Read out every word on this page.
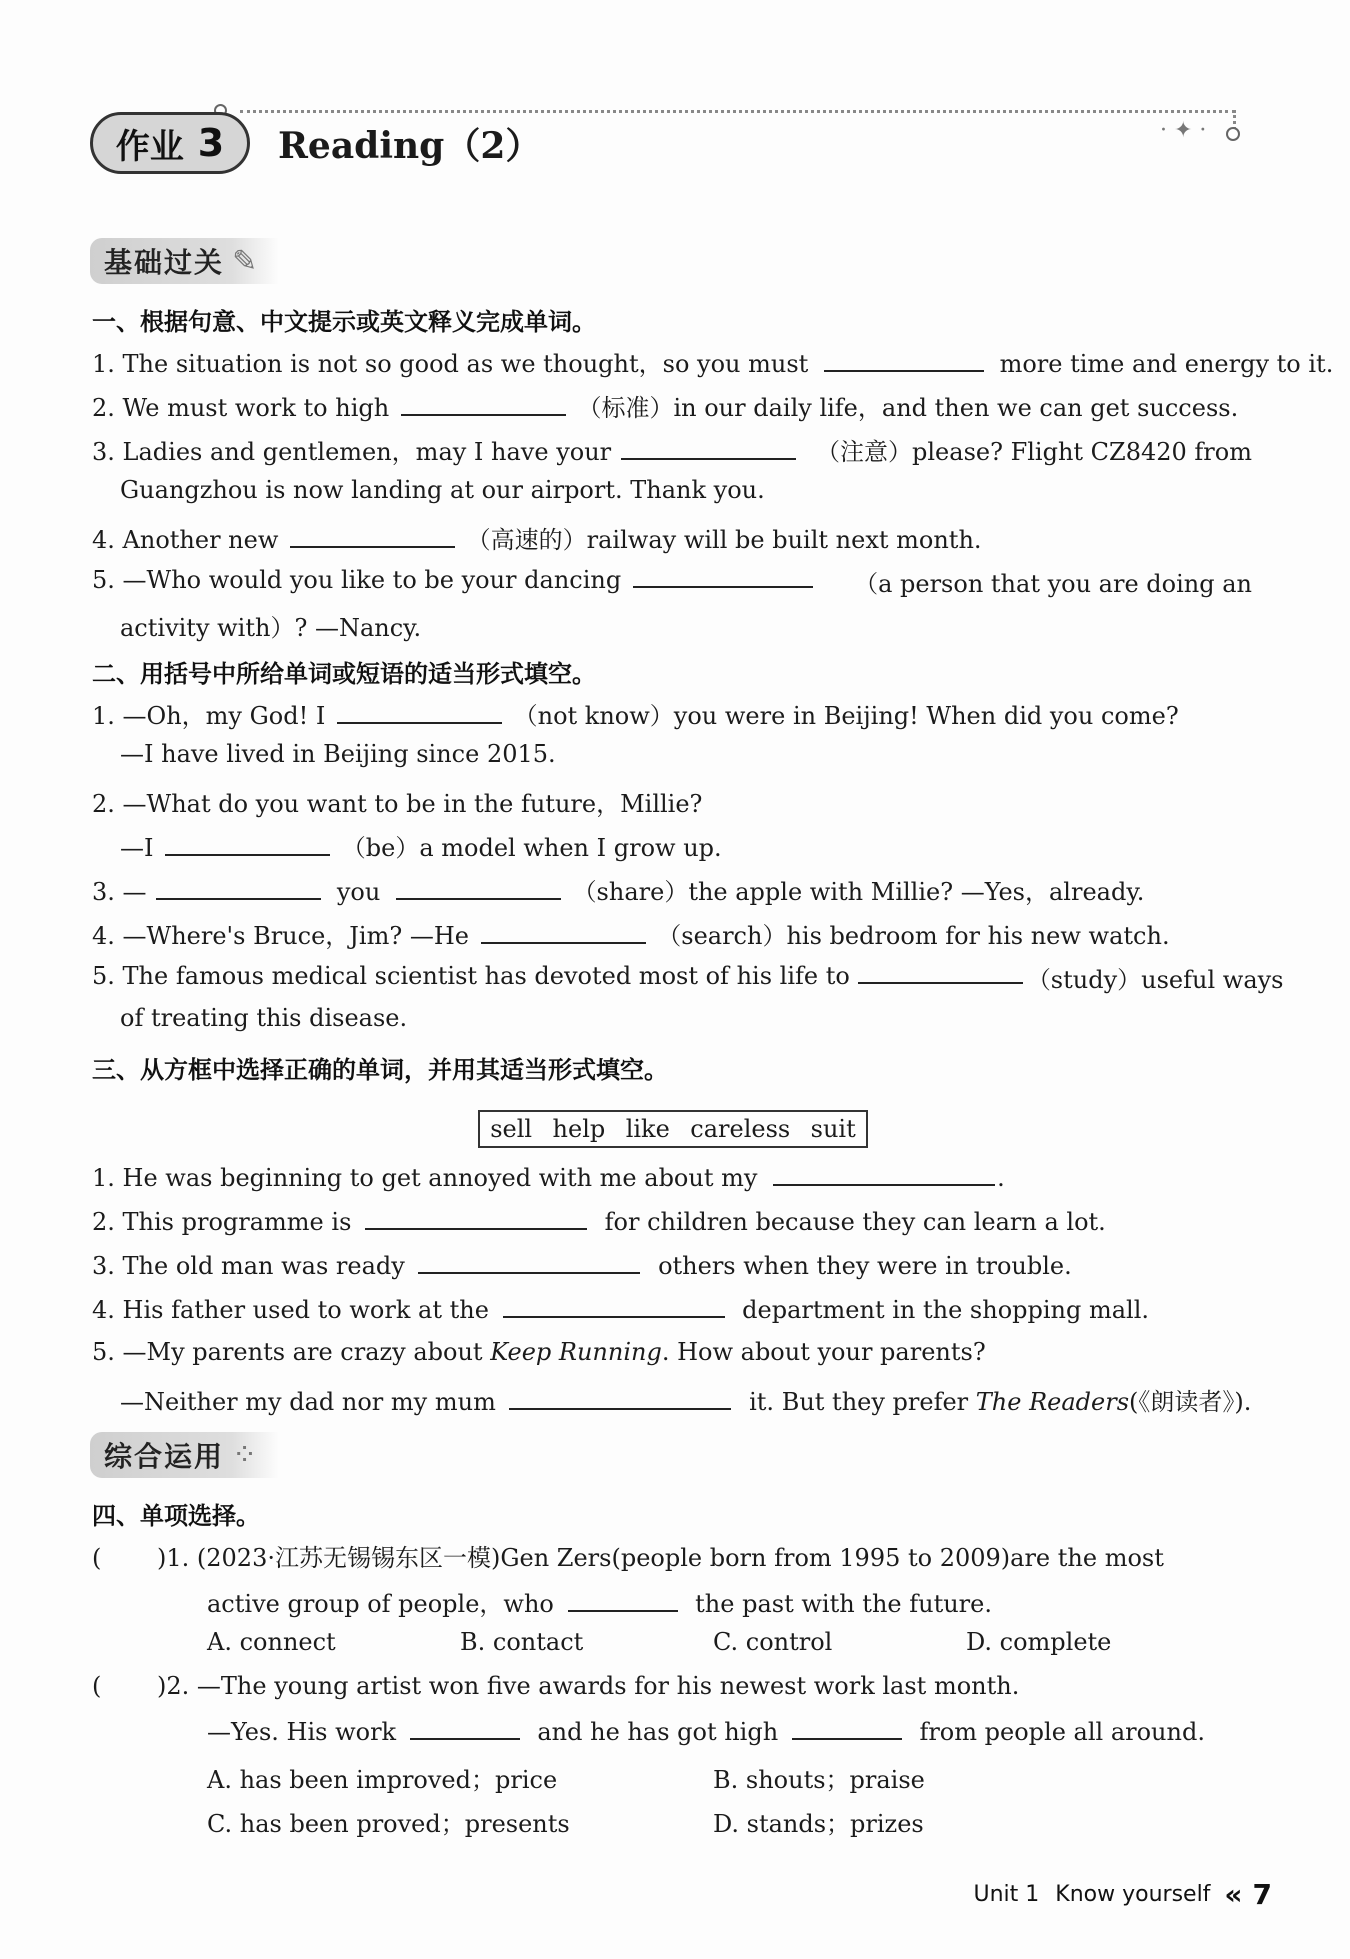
· ✦ ·
作业 3 Reading（2）
基础过关 ✎
一、根据句意、中文提示或英文释义完成单词。
1. The situation is not so good as we thought，so you must	more time and energy to it.
2. We must work to high	（标准）in our daily life，and then we can get success.
3. Ladies and gentlemen，may I have your	（注意）please? Flight CZ8420 from
Guangzhou is now landing at our airport. Thank you.
4. Another new	（高速的）railway will be built next month.
5. —Who would you like to be your dancing	（a person that you are doing an
activity with）? —Nancy.
二、用括号中所给单词或短语的适当形式填空。
1. —Oh，my God! I	（not know）you were in Beijing! When did you come?
—I have lived in Beijing since 2015.
2. —What do you want to be in the future，Millie?
—I	（be）a model when I grow up.
3. —	you	（share）the apple with Millie? —Yes，already.
4. —Where's Bruce，Jim? —He	（search）his bedroom for his new watch.
5. The famous medical scientist has devoted most of his life to	（study）useful ways
of treating this disease.
三、从方框中选择正确的单词，并用其适当形式填空。
sell help like careless suit
1. He was beginning to get annoyed with me about my	.
2. This programme is	for children because they can learn a lot.
3. The old man was ready	others when they were in trouble.
4. His father used to work at the	department in the shopping mall.
5. —My parents are crazy about Keep Running. How about your parents?
—Neither my dad nor my mum	it. But they prefer The Readers(《朗读者》).
综合运用 ⁘
四、单项选择。
( )1. (2023·江苏无锡锡东区一模)Gen Zers(people born from 1995 to 2009)are the most
active group of people，who	the past with the future.
A. connect	B. contact	C. control	D. complete
( )2. —The young artist won five awards for his newest work last month.
—Yes. His work	and he has got high	from people all around.
A. has been improved；price	B. shouts；praise
C. has been proved；presents	D. stands；prizes
Unit 1 Know yourself « 7
